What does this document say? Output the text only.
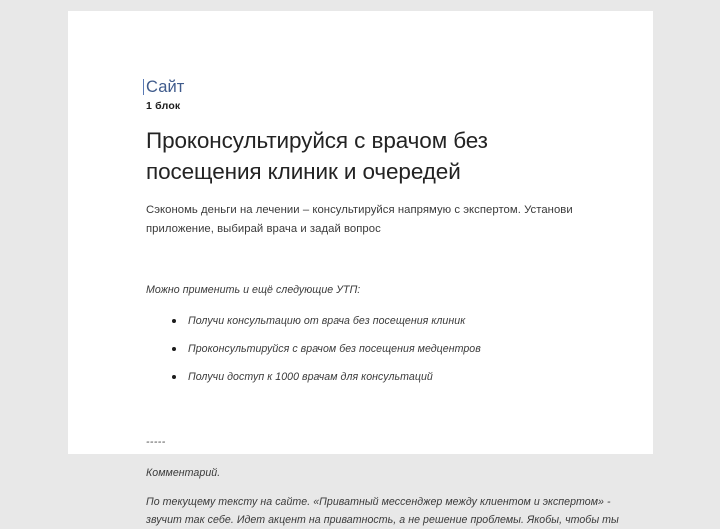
Сайт
1 блок
Проконсультируйся с врачом без посещения клиник и очередей

Сэкономь деньги на лечении – консультируйся напрямую с экспертом. Установи приложение, выбирай врача и задай вопрос

Можно применить и ещё следующие УТП:

Получи консультацию от врача без посещения клиник
Проконсультируйся с врачом без посещения медцентров
Получи доступ к 1000 врачам для консультаций
-----

Комментарий.

По текущему тексту на сайте. «Приватный мессенджер между клиентом и экспертом» -
звучит так себе. Идет акцент на приватность, а не решение проблемы. Якобы, чтобы ты
